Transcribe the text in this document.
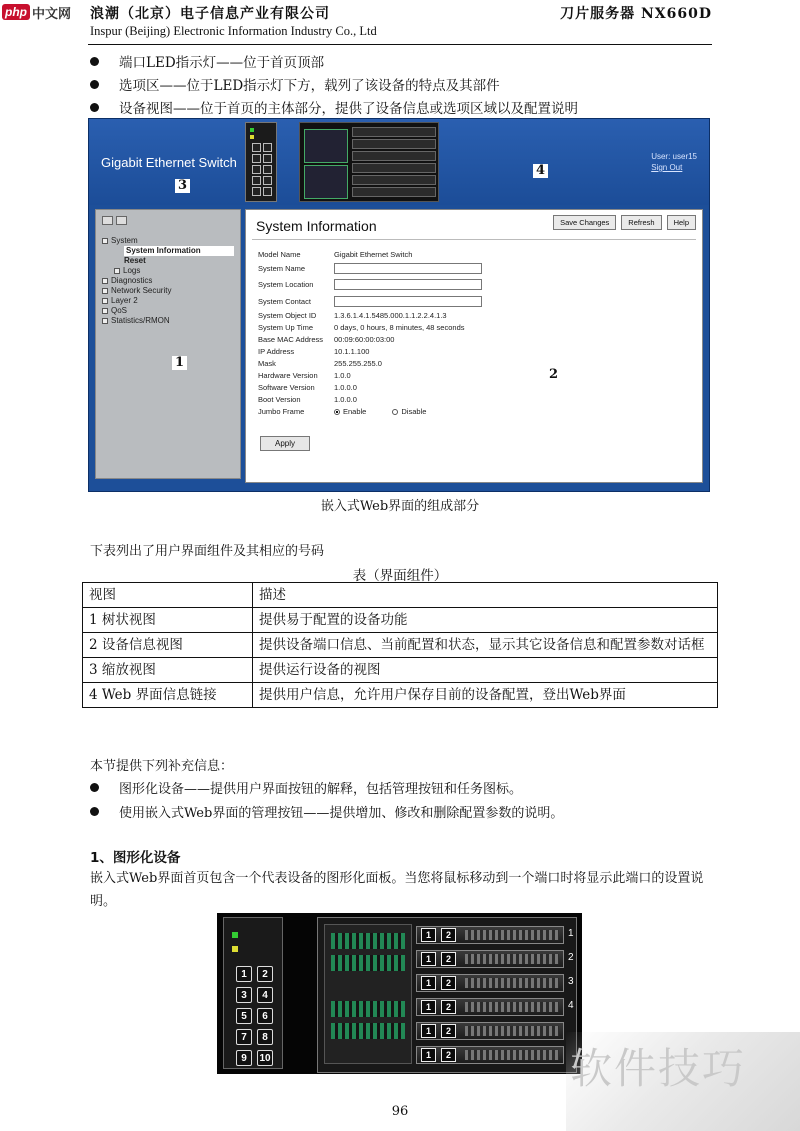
php 中文网 浪潮（北京）电子信息产业有限公司	刀片服务器 NX660D
Inspur (Beijing) Electronic Information Industry Co., Ltd
端口LED指示灯——位于首页顶部
选项区——位于LED指示灯下方，载列了该设备的特点及其部件
设备视图——位于首页的主体部分，提供了设备信息或选项区域以及配置说明
Gigabit Ethernet Switch
3
4
User: user15
Sign Out
System
System Information
Reset
Logs
Diagnostics
Network Security
Layer 2
QoS
Statistics/RMON
1
System Information	Save Changes	Refresh	Help
Model Name	Gigabit Ethernet Switch
System Name
System Location
System Contact
System Object ID	1.3.6.1.4.1.5485.000.1.1.2.2.4.1.3
System Up Time	0 days, 0 hours, 8 minutes, 48 seconds
Base MAC Address	00:09:60:00:03:00
IP Address	10.1.1.100
Mask	255.255.255.0
Hardware Version	1.0.0
Software Version	1.0.0.0
Boot Version	1.0.0.0
Jumbo Frame	Enable	Disable
Apply
2
嵌入式Web界面的组成部分
下表列出了用户界面组件及其相应的号码
表（界面组件）
视图	描述
1 树状视图	提供易于配置的设备功能
2 设备信息视图	提供设备端口信息、当前配置和状态，显示其它设备信息和配置参数对话框
3 缩放视图	提供运行设备的视图
4 Web 界面信息链接	提供用户信息，允许用户保存目前的设备配置，登出Web界面
本节提供下列补充信息：
图形化设备——提供用户界面按钮的解释，包括管理按钮和任务图标。
使用嵌入式Web界面的管理按钮——提供增加、修改和删除配置参数的说明。
1、图形化设备
嵌入式Web界面首页包含一个代表设备的图形化面板。当您将鼠标移动到一个端口时将显示此端口的设置说明。
1	2
3	4
5	6
7	8
9	10
1	2
1	2
1	2
1	2
1	2
1	2
1
2
3
4
软件技巧
96
